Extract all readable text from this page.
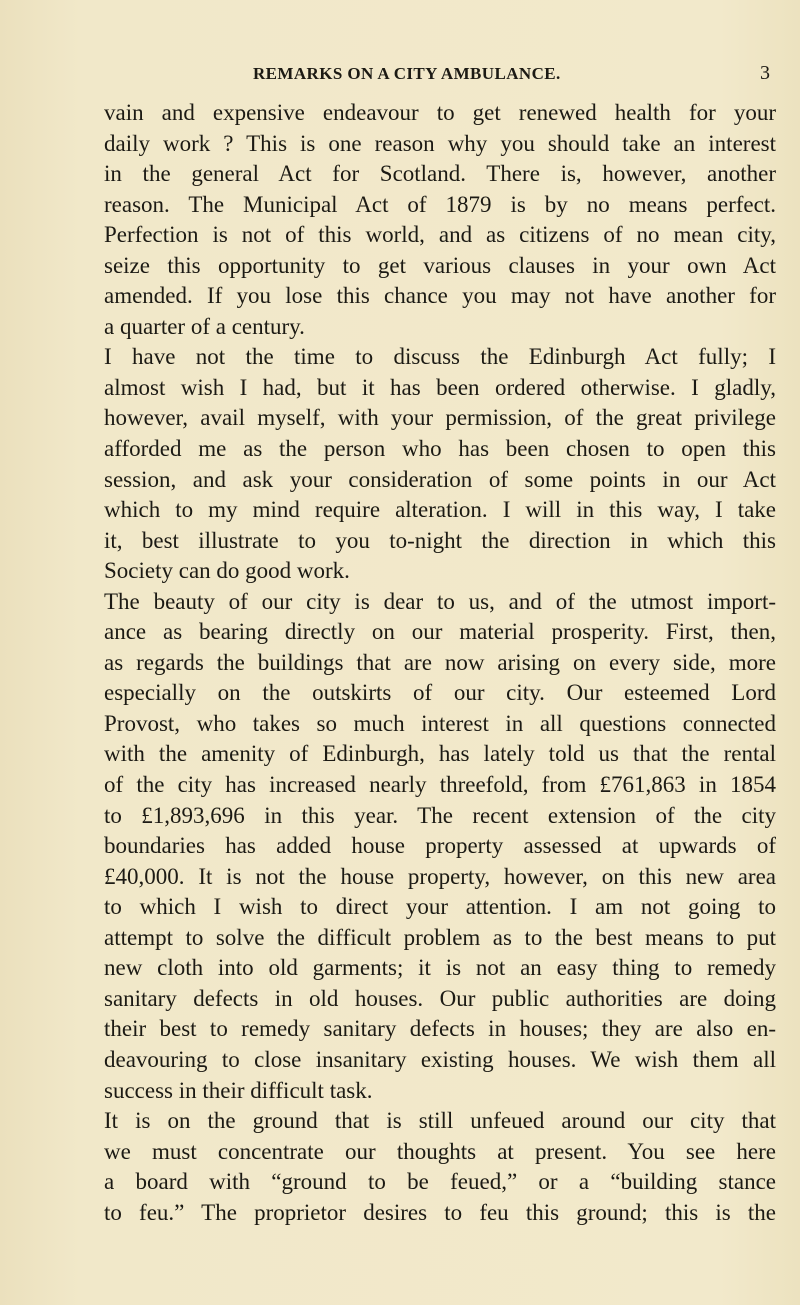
REMARKS ON A CITY AMBULANCE.	3
vain and expensive endeavour to get renewed health for your
daily work ? This is one reason why you should take an interest
in the general Act for Scotland. There is, however, another
reason. The Municipal Act of 1879 is by no means perfect.
Perfection is not of this world, and as citizens of no mean city,
seize this opportunity to get various clauses in your own Act
amended. If you lose this chance you may not have another for
a quarter of a century.
I have not the time to discuss the Edinburgh Act fully; I
almost wish I had, but it has been ordered otherwise. I gladly,
however, avail myself, with your permission, of the great privilege
afforded me as the person who has been chosen to open this
session, and ask your consideration of some points in our Act
which to my mind require alteration. I will in this way, I take
it, best illustrate to you to-night the direction in which this
Society can do good work.
The beauty of our city is dear to us, and of the utmost import-
ance as bearing directly on our material prosperity. First, then,
as regards the buildings that are now arising on every side, more
especially on the outskirts of our city. Our esteemed Lord
Provost, who takes so much interest in all questions connected
with the amenity of Edinburgh, has lately told us that the rental
of the city has increased nearly threefold, from £761,863 in 1854
to £1,893,696 in this year. The recent extension of the city
boundaries has added house property assessed at upwards of
£40,000. It is not the house property, however, on this new area
to which I wish to direct your attention. I am not going to
attempt to solve the difficult problem as to the best means to put
new cloth into old garments; it is not an easy thing to remedy
sanitary defects in old houses. Our public authorities are doing
their best to remedy sanitary defects in houses; they are also en-
deavouring to close insanitary existing houses. We wish them all
success in their difficult task.
It is on the ground that is still unfeued around our city that
we must concentrate our thoughts at present. You see here
a board with “ground to be feued,” or a “building stance
to feu.” The proprietor desires to feu this ground; this is the
